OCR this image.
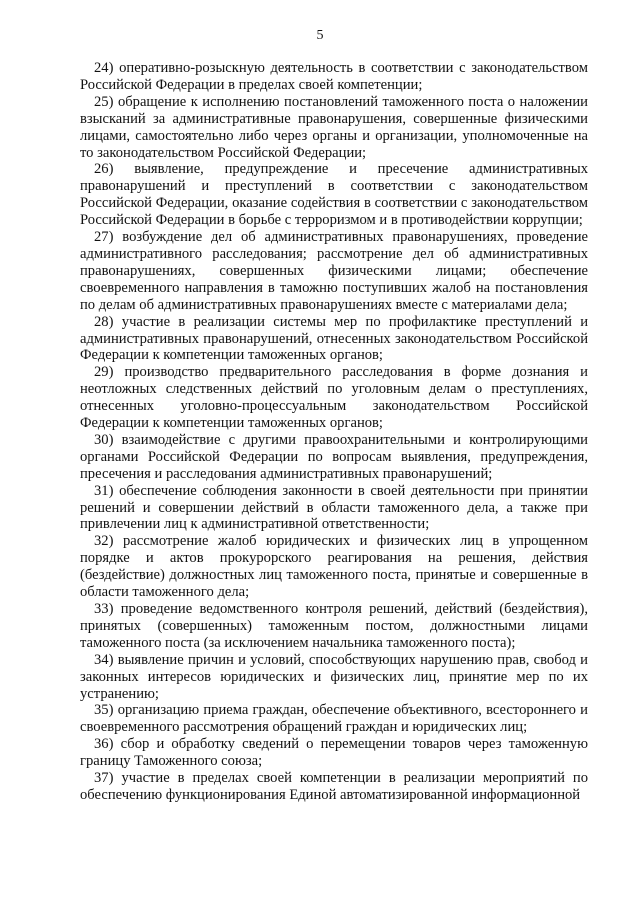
5

24) оперативно-розыскную деятельность в соответствии с законодательством Российской Федерации в пределах своей компетенции;

25) обращение к исполнению постановлений таможенного поста о наложении взысканий за административные правонарушения, совершенные физическими лицами, самостоятельно либо через органы и организации, уполномоченные на то законодательством Российской Федерации;

26) выявление, предупреждение и пресечение административных правонарушений и преступлений в соответствии с законодательством Российской Федерации, оказание содействия в соответствии с законодательством Российской Федерации в борьбе с терроризмом и в противодействии коррупции;

27) возбуждение дел об административных правонарушениях, проведение административного расследования; рассмотрение дел об административных правонарушениях, совершенных физическими лицами; обеспечение своевременного направления в таможню поступивших жалоб на постановления по делам об административных правонарушениях вместе с материалами дела;

28) участие в реализации системы мер по профилактике преступлений и административных правонарушений, отнесенных законодательством Российской Федерации к компетенции таможенных органов;

29) производство предварительного расследования в форме дознания и неотложных следственных действий по уголовным делам о преступлениях, отнесенных уголовно-процессуальным законодательством Российской Федерации к компетенции таможенных органов;

30) взаимодействие с другими правоохранительными и контролирующими органами Российской Федерации по вопросам выявления, предупреждения, пресечения и расследования административных правонарушений;

31) обеспечение соблюдения законности в своей деятельности при принятии решений и совершении действий в области таможенного дела, а также при привлечении лиц к административной ответственности;

32) рассмотрение жалоб юридических и физических лиц в упрощенном порядке и актов прокурорского реагирования на решения, действия (бездействие) должностных лиц таможенного поста, принятые и совершенные в области таможенного дела;

33) проведение ведомственного контроля решений, действий (бездействия), принятых (совершенных) таможенным постом, должностными лицами таможенного поста (за исключением начальника таможенного поста);

34) выявление причин и условий, способствующих нарушению прав, свобод и законных интересов юридических и физических лиц, принятие мер по их устранению;

35) организацию приема граждан, обеспечение объективного, всестороннего и своевременного рассмотрения обращений граждан и юридических лиц;

36) сбор и обработку сведений о перемещении товаров через таможенную границу Таможенного союза;

37) участие в пределах своей компетенции в реализации мероприятий по обеспечению функционирования Единой автоматизированной информационной
